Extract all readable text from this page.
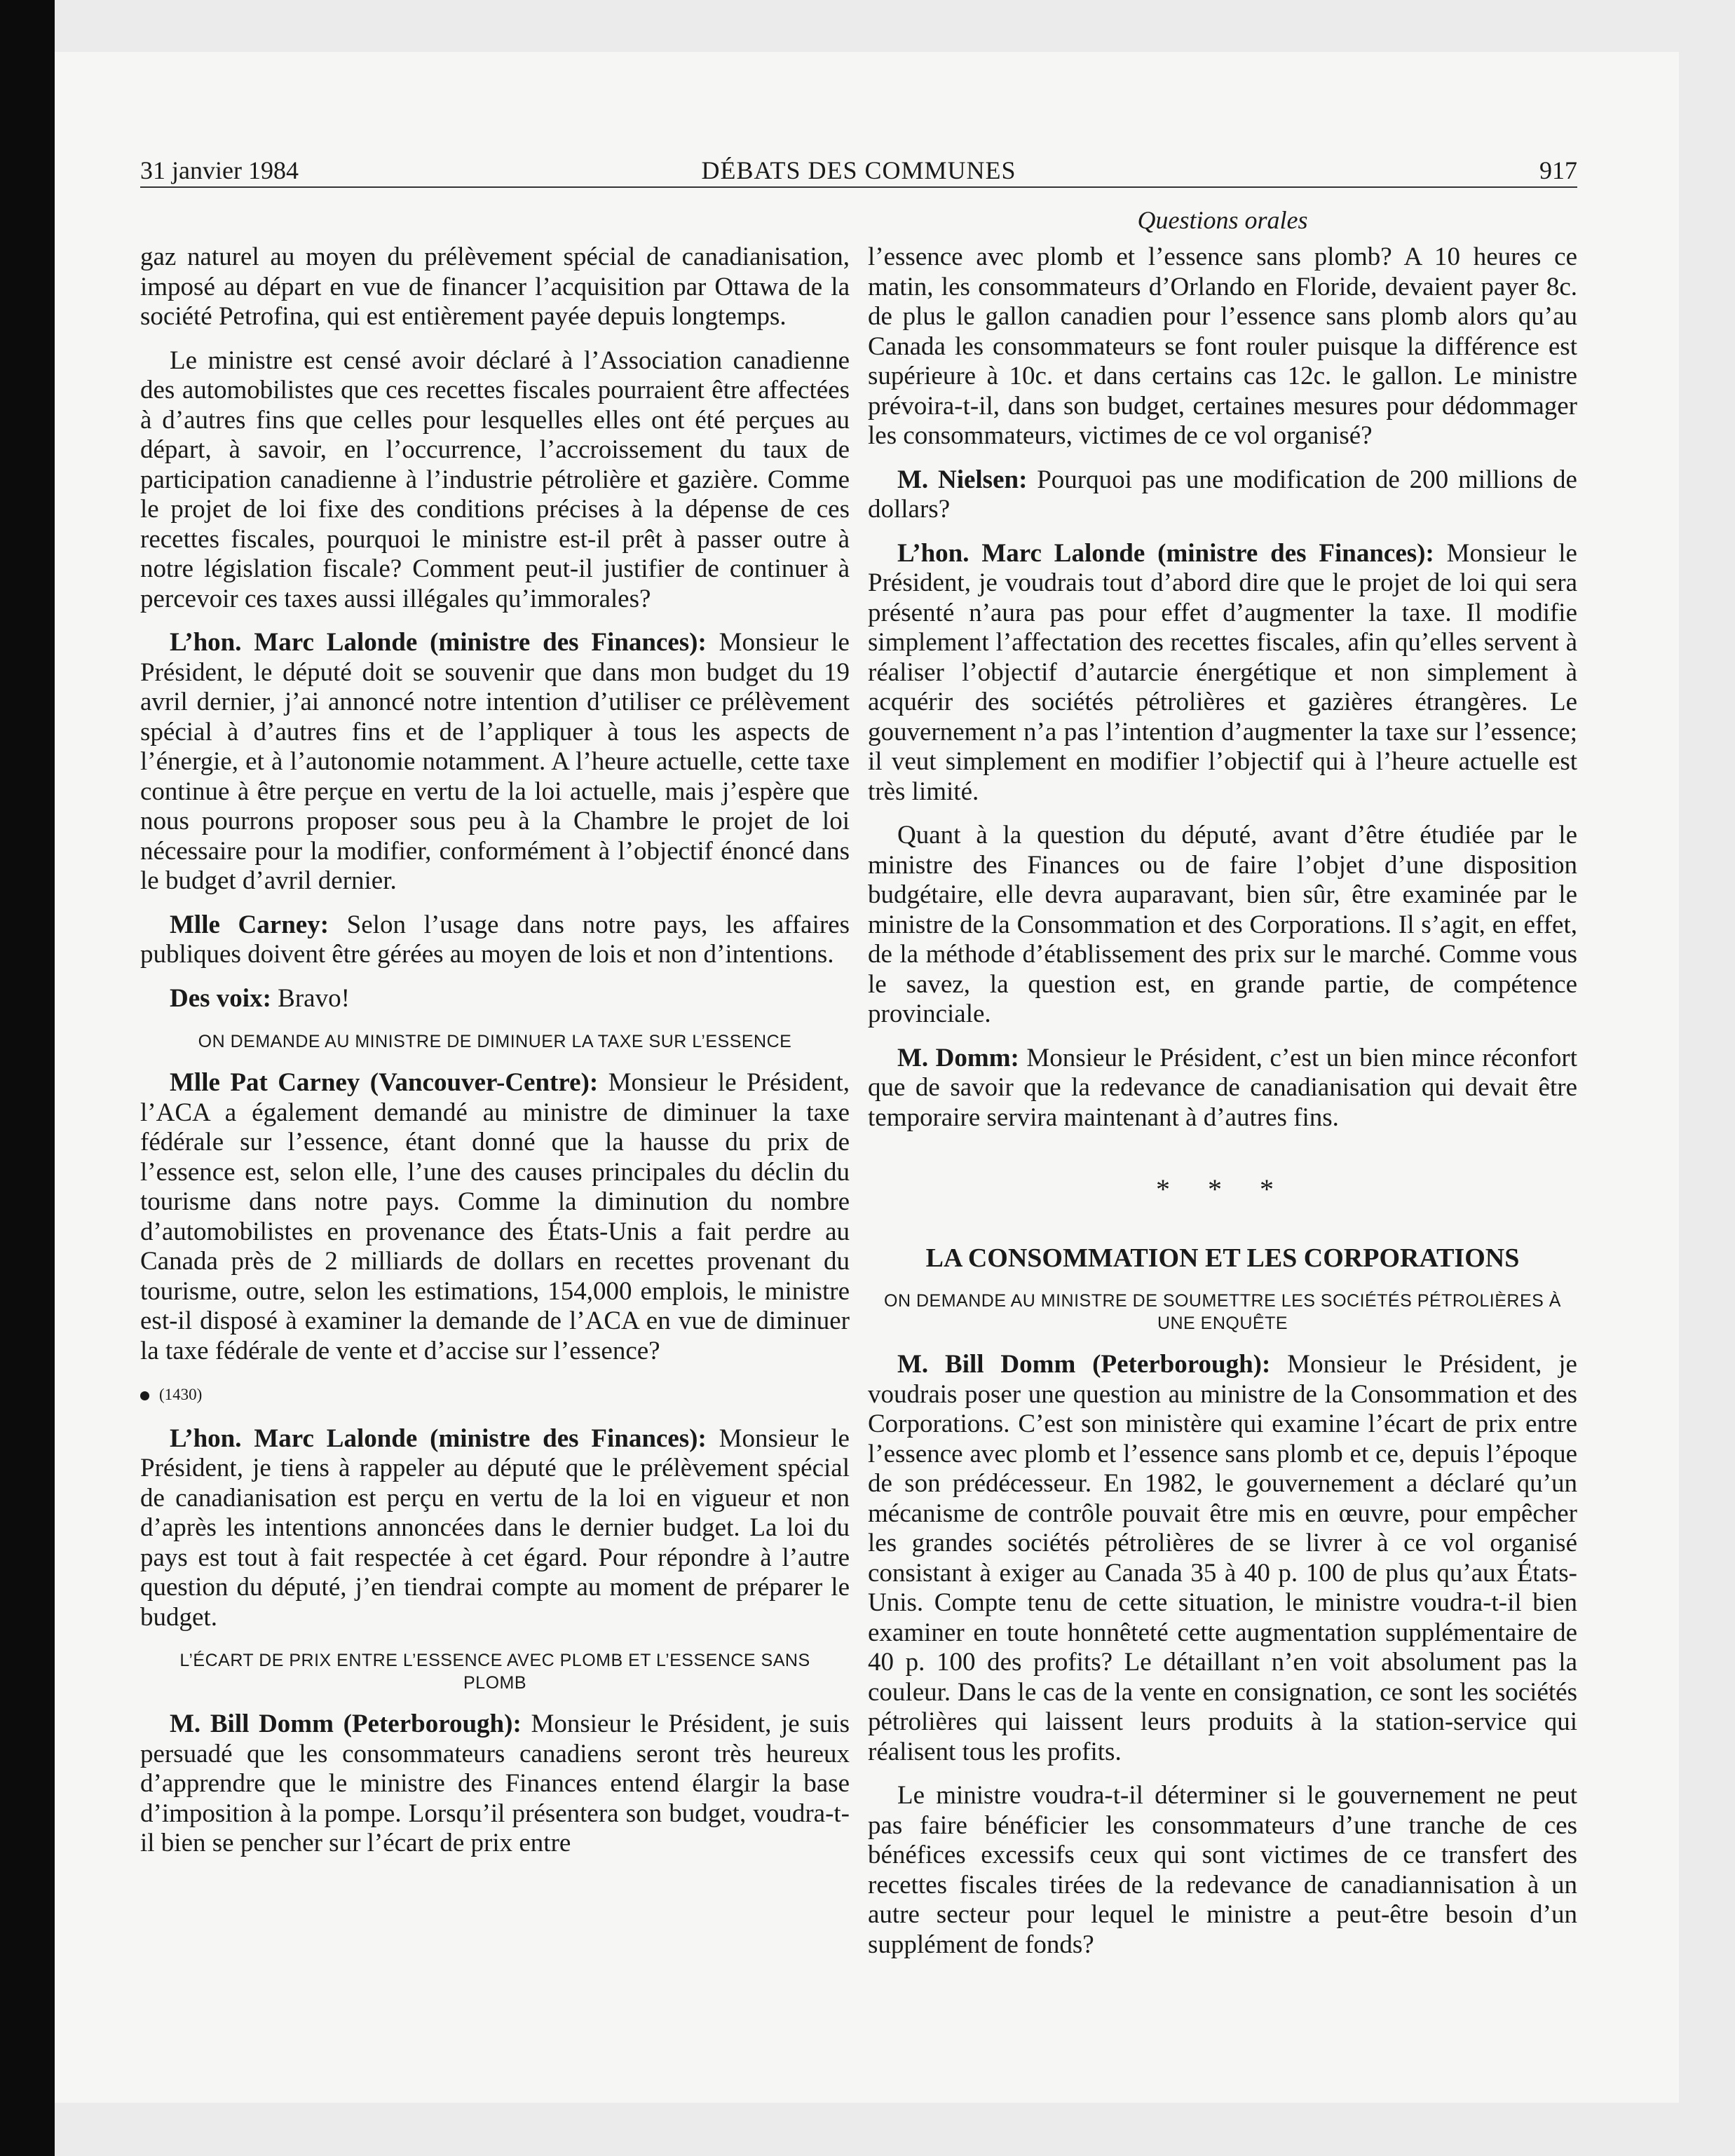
DÉBATS DES COMMUNES
31 janvier 1984	917
Questions orales

gaz naturel au moyen du prélèvement spécial de canadianisation, imposé au départ en vue de financer l’acquisition par Ottawa de la société Petrofina, qui est entièrement payée depuis longtemps.

Le ministre est censé avoir déclaré à l’Association canadienne des automobilistes que ces recettes fiscales pourraient être affectées à d’autres fins que celles pour lesquelles elles ont été perçues au départ, à savoir, en l’occurrence, l’accroissement du taux de participation canadienne à l’industrie pétrolière et gazière. Comme le projet de loi fixe des conditions précises à la dépense de ces recettes fiscales, pourquoi le ministre est-il prêt à passer outre à notre législation fiscale? Comment peut-il justifier de continuer à percevoir ces taxes aussi illégales qu’immorales?

L’hon. Marc Lalonde (ministre des Finances): Monsieur le Président, le député doit se souvenir que dans mon budget du 19 avril dernier, j’ai annoncé notre intention d’utiliser ce prélèvement spécial à d’autres fins et de l’appliquer à tous les aspects de l’énergie, et à l’autonomie notamment. A l’heure actuelle, cette taxe continue à être perçue en vertu de la loi actuelle, mais j’espère que nous pourrons proposer sous peu à la Chambre le projet de loi nécessaire pour la modifier, conformément à l’objectif énoncé dans le budget d’avril dernier.

Mlle Carney: Selon l’usage dans notre pays, les affaires publiques doivent être gérées au moyen de lois et non d’intentions.

Des voix: Bravo!

ON DEMANDE AU MINISTRE DE DIMINUER LA TAXE SUR L’ESSENCE

Mlle Pat Carney (Vancouver-Centre): Monsieur le Président, l’ACA a également demandé au ministre de diminuer la taxe fédérale sur l’essence, étant donné que la hausse du prix de l’essence est, selon elle, l’une des causes principales du déclin du tourisme dans notre pays. Comme la diminution du nombre d’automobilistes en provenance des États-Unis a fait perdre au Canada près de 2 milliards de dollars en recettes provenant du tourisme, outre, selon les estimations, 154,000 emplois, le ministre est-il disposé à examiner la demande de l’ACA en vue de diminuer la taxe fédérale de vente et d’accise sur l’essence?

(1430)

L’hon. Marc Lalonde (ministre des Finances): Monsieur le Président, je tiens à rappeler au député que le prélèvement spécial de canadianisation est perçu en vertu de la loi en vigueur et non d’après les intentions annoncées dans le dernier budget. La loi du pays est tout à fait respectée à cet égard. Pour répondre à l’autre question du député, j’en tiendrai compte au moment de préparer le budget.

L’ÉCART DE PRIX ENTRE L’ESSENCE AVEC PLOMB ET L’ESSENCE SANS PLOMB

M. Bill Domm (Peterborough): Monsieur le Président, je suis persuadé que les consommateurs canadiens seront très heureux d’apprendre que le ministre des Finances entend élargir la base d’imposition à la pompe. Lorsqu’il présentera son budget, voudra-t-il bien se pencher sur l’écart de prix entre

l’essence avec plomb et l’essence sans plomb? A 10 heures ce matin, les consommateurs d’Orlando en Floride, devaient payer 8c. de plus le gallon canadien pour l’essence sans plomb alors qu’au Canada les consommateurs se font rouler puisque la différence est supérieure à 10c. et dans certains cas 12c. le gallon. Le ministre prévoira-t-il, dans son budget, certaines mesures pour dédommager les consommateurs, victimes de ce vol organisé?

M. Nielsen: Pourquoi pas une modification de 200 millions de dollars?

L’hon. Marc Lalonde (ministre des Finances): Monsieur le Président, je voudrais tout d’abord dire que le projet de loi qui sera présenté n’aura pas pour effet d’augmenter la taxe. Il modifie simplement l’affectation des recettes fiscales, afin qu’elles servent à réaliser l’objectif d’autarcie énergétique et non simplement à acquérir des sociétés pétrolières et gazières étrangères. Le gouvernement n’a pas l’intention d’augmenter la taxe sur l’essence; il veut simplement en modifier l’objectif qui à l’heure actuelle est très limité.

Quant à la question du député, avant d’être étudiée par le ministre des Finances ou de faire l’objet d’une disposition budgétaire, elle devra auparavant, bien sûr, être examinée par le ministre de la Consommation et des Corporations. Il s’agit, en effet, de la méthode d’établissement des prix sur le marché. Comme vous le savez, la question est, en grande partie, de compétence provinciale.

M. Domm: Monsieur le Président, c’est un bien mince réconfort que de savoir que la redevance de canadianisation qui devait être temporaire servira maintenant à d’autres fins.

* * *
LA CONSOMMATION ET LES CORPORATIONS
ON DEMANDE AU MINISTRE DE SOUMETTRE LES SOCIÉTÉS PÉTROLIÈRES À UNE ENQUÊTE

M. Bill Domm (Peterborough): Monsieur le Président, je voudrais poser une question au ministre de la Consommation et des Corporations. C’est son ministère qui examine l’écart de prix entre l’essence avec plomb et l’essence sans plomb et ce, depuis l’époque de son prédécesseur. En 1982, le gouvernement a déclaré qu’un mécanisme de contrôle pouvait être mis en œuvre, pour empêcher les grandes sociétés pétrolières de se livrer à ce vol organisé consistant à exiger au Canada 35 à 40 p. 100 de plus qu’aux États-Unis. Compte tenu de cette situation, le ministre voudra-t-il bien examiner en toute honnêteté cette augmentation supplémentaire de 40 p. 100 des profits? Le détaillant n’en voit absolument pas la couleur. Dans le cas de la vente en consignation, ce sont les sociétés pétrolières qui laissent leurs produits à la station-service qui réalisent tous les profits.

Le ministre voudra-t-il déterminer si le gouvernement ne peut pas faire bénéficier les consommateurs d’une tranche de ces bénéfices excessifs ceux qui sont victimes de ce transfert des recettes fiscales tirées de la redevance de canadiannisation à un autre secteur pour lequel le ministre a peut-être besoin d’un supplément de fonds?
